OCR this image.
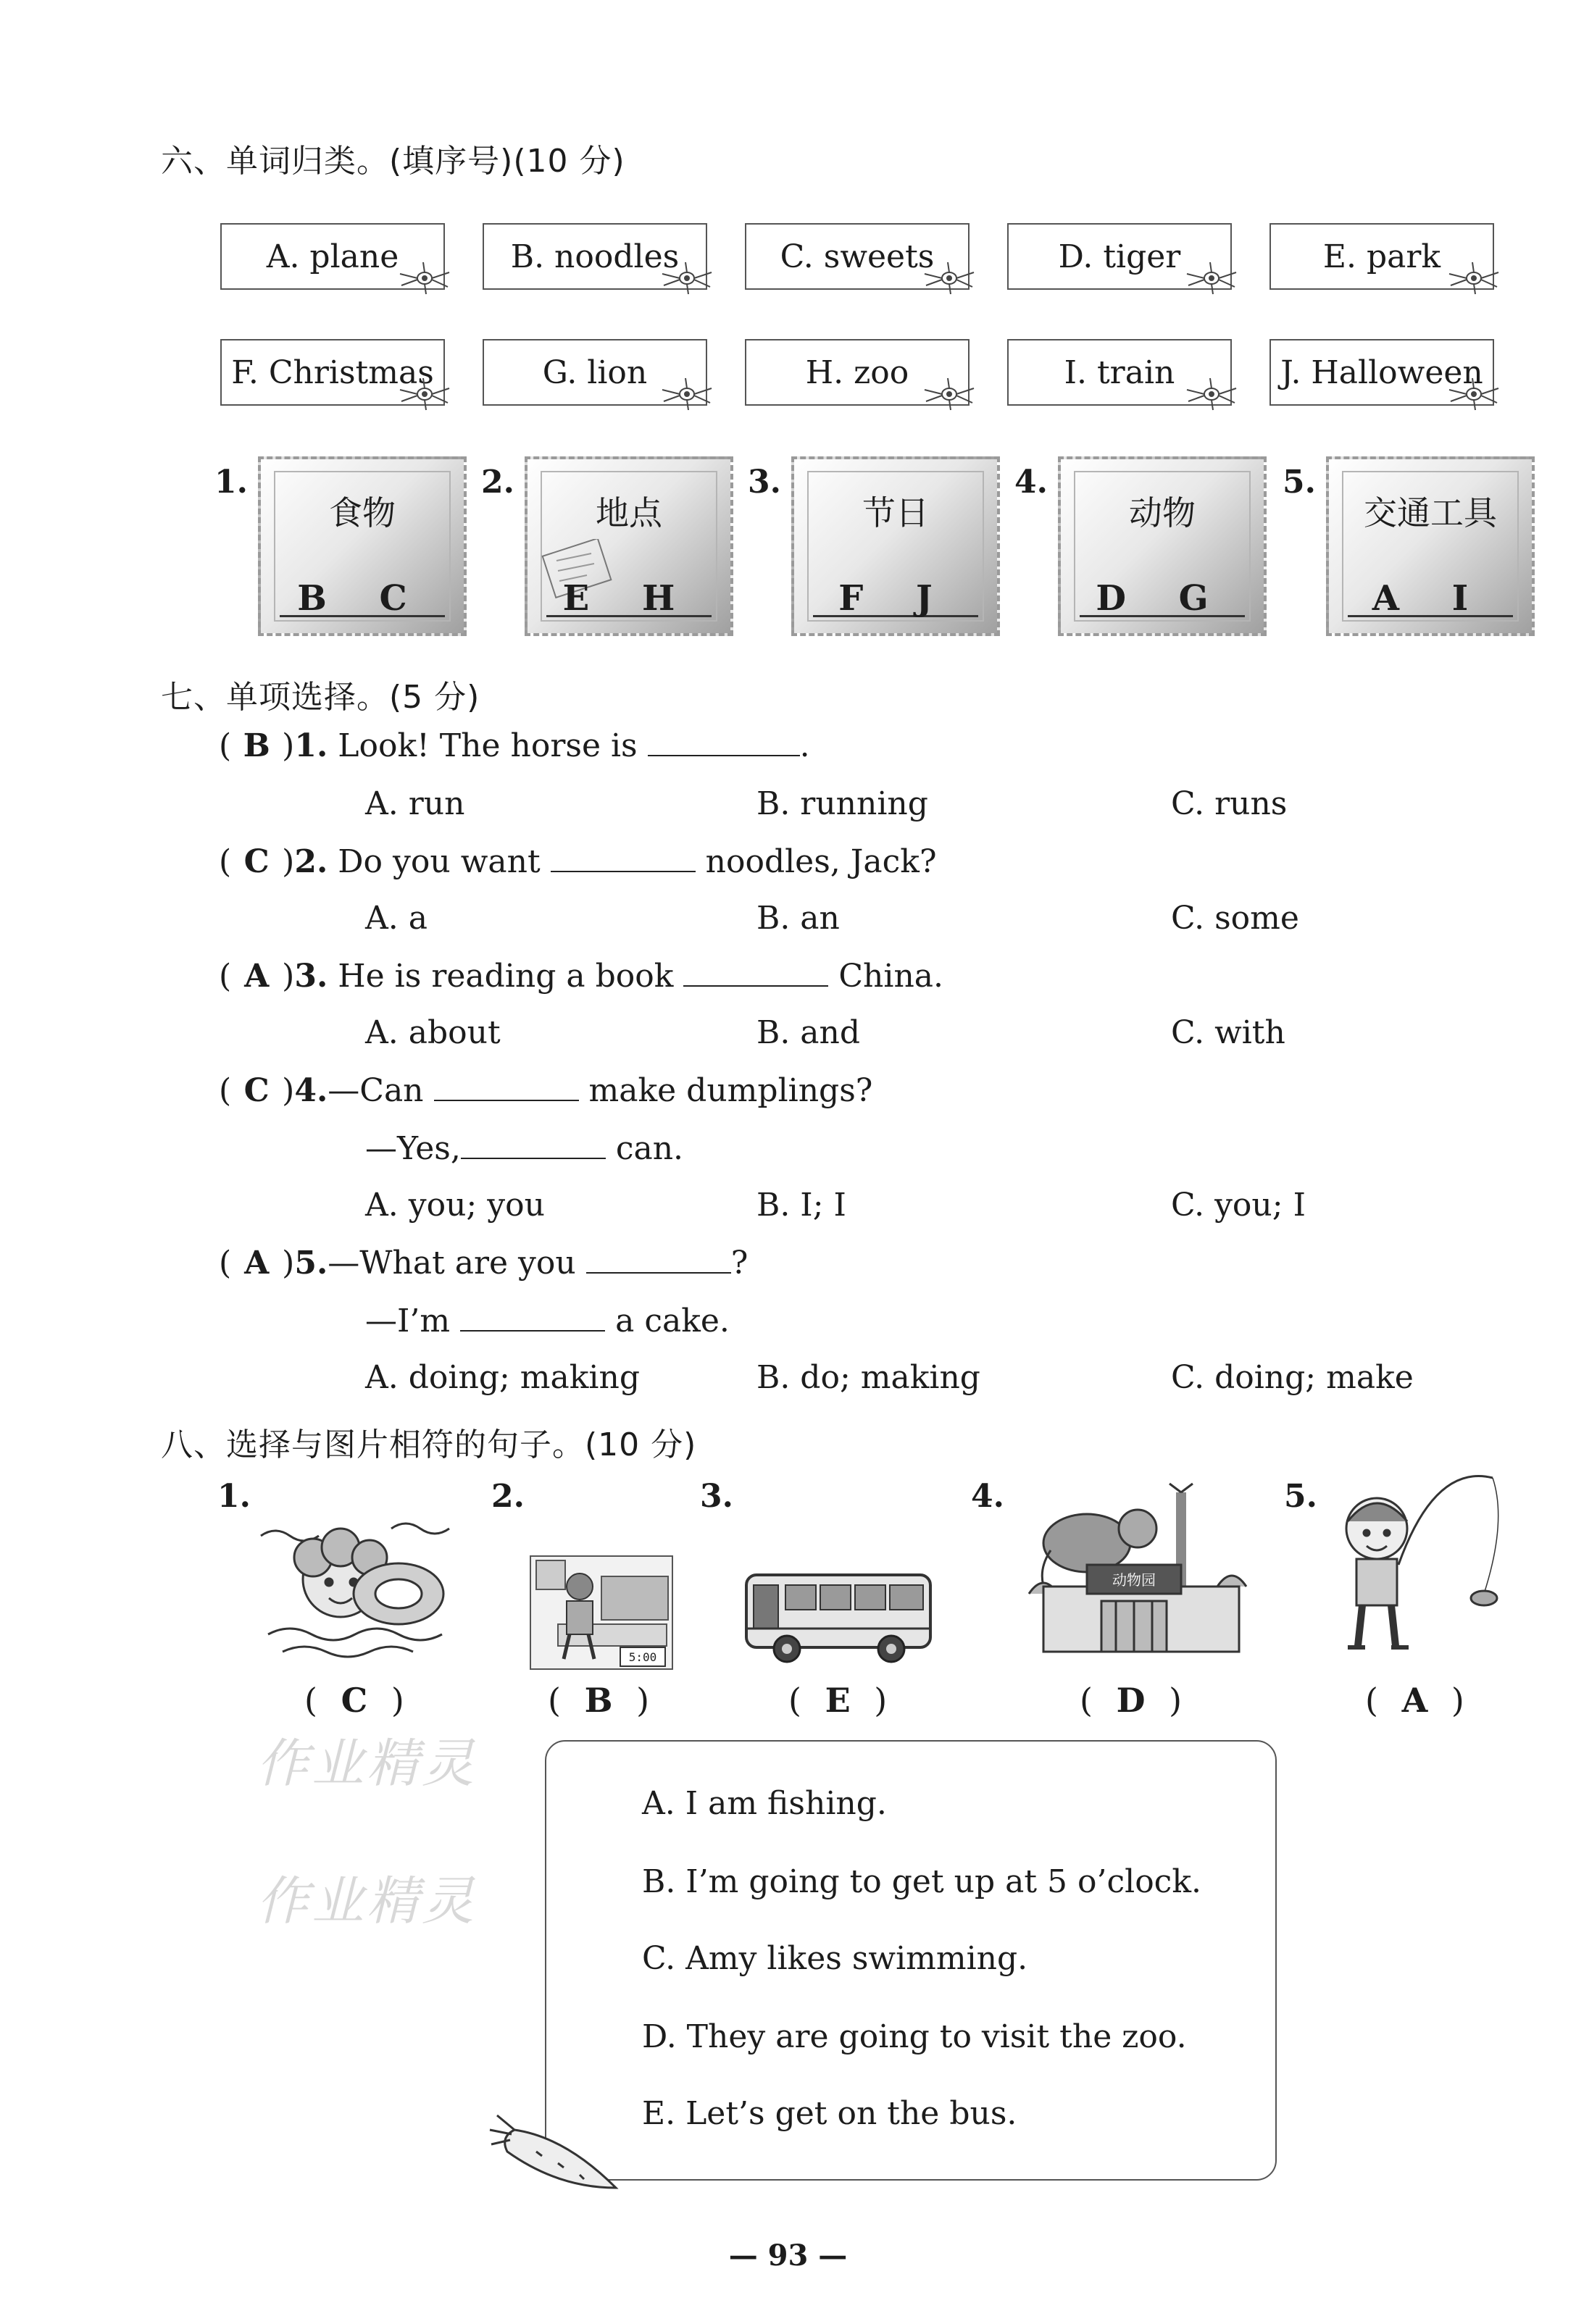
六、单词归类。(填序号)(10 分)
A. plane	B. noodles	C. sweets	D. tiger	E. park
F. Christmas	G. lion	H. zoo	I. train	J. Halloween
1.
食物
B C
2.
地点
E H
3.
节日
F J
4.
动物
D G
5.
交通工具
A I
七、单项选择。(5 分)
( B )1. Look! The horse is	.
A. run	B. running	C. runs
( C )2. Do you want	noodles, Jack?
A. a	B. an	C. some
( A )3. He is reading a book	China.
A. about	B. and	C. with
( C )4.—Can	make dumplings?
—Yes,	can.
A. you; you	B. I; I	C. you; I
( A )5.—What are you	?
—I’m	a cake.
A. doing; making	B. do; making	C. doing; make
八、选择与图片相符的句子。(10 分)
1.	2.	3.	4.	5.
5:00
动物园
( C )	( B )	( E )	( D )	( A )
作业精灵
作业精灵
A. I am fishing.
B. I’m going to get up at 5 o’clock.
C. Amy likes swimming.
D. They are going to visit the zoo.
E. Let’s get on the bus.
— 93 —
